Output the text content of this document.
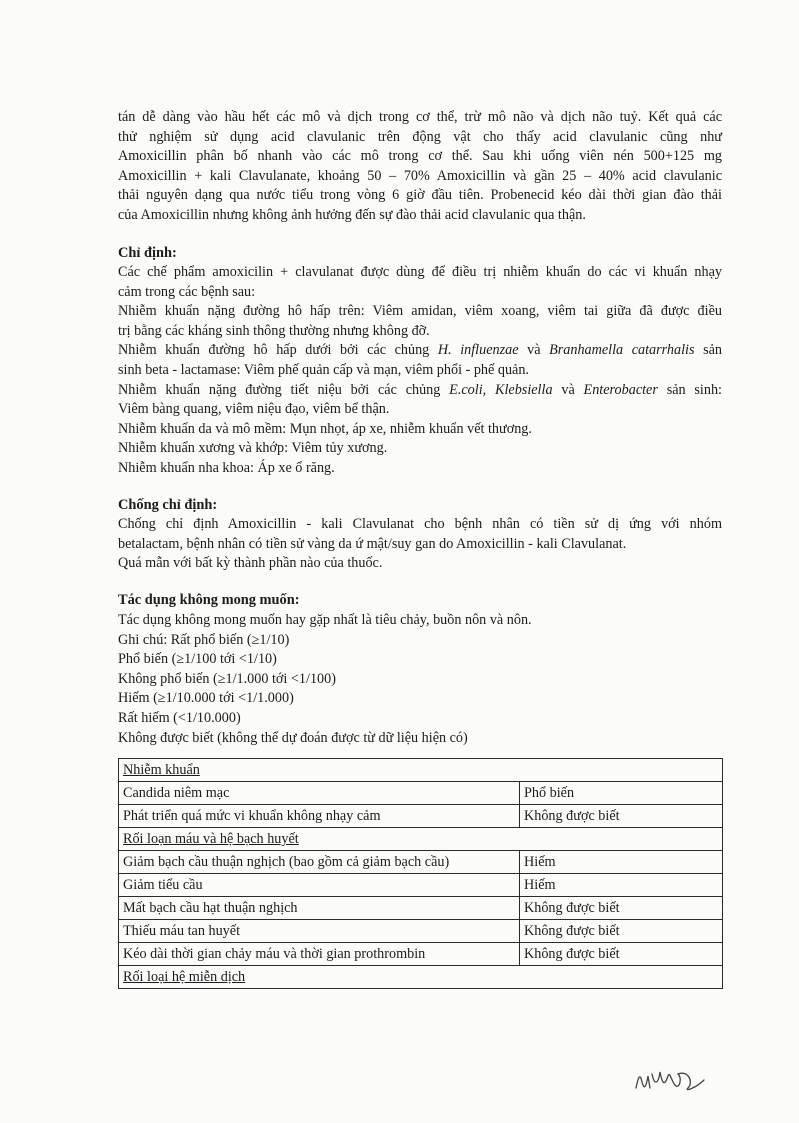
tán dễ dàng vào hầu hết các mô và dịch trong cơ thể, trừ mô não và dịch não tuỷ. Kết quả các
thử nghiệm sử dụng acid clavulanic trên động vật cho thấy acid clavulanic cũng như
Amoxicillin phân bố nhanh vào các mô trong cơ thể. Sau khi uống viên nén 500+125 mg
Amoxicillin + kali Clavulanate, khoảng 50 – 70% Amoxicillin và gần 25 – 40% acid clavulanic
thải nguyên dạng qua nước tiểu trong vòng 6 giờ đầu tiên. Probenecid kéo dài thời gian đào thải
của Amoxicillin nhưng không ảnh hưởng đến sự đào thải acid clavulanic qua thận.
Chỉ định:
Các chế phẩm amoxicilin + clavulanat được dùng để điều trị nhiễm khuẩn do các vi khuẩn nhạy
cảm trong các bệnh sau:
Nhiễm khuẩn nặng đường hô hấp trên: Viêm amidan, viêm xoang, viêm tai giữa đã được điều
trị bằng các kháng sinh thông thường nhưng không đỡ.
Nhiễm khuẩn đường hô hấp dưới bởi các chủng H. influenzae và Branhamella catarrhalis sản
sinh beta - lactamase: Viêm phế quản cấp và mạn, viêm phổi - phế quản.
Nhiễm khuẩn nặng đường tiết niệu bởi các chủng E.coli, Klebsiella và Enterobacter sản sinh:
Viêm bàng quang, viêm niệu đạo, viêm bể thận.
Nhiễm khuẩn da và mô mềm: Mụn nhọt, áp xe, nhiễm khuẩn vết thương.
Nhiễm khuẩn xương và khớp: Viêm tủy xương.
Nhiễm khuẩn nha khoa: Áp xe ổ răng.
Chống chỉ định:
Chống chỉ định Amoxicillin - kali Clavulanat cho bệnh nhân có tiền sử dị ứng với nhóm
betalactam, bệnh nhân có tiền sử vàng da ứ mật/suy gan do Amoxicillin - kali Clavulanat.
Quá mẫn với bất kỳ thành phần nào của thuốc.
Tác dụng không mong muốn:
Tác dụng không mong muốn hay gặp nhất là tiêu chảy, buồn nôn và nôn.
Ghi chú: Rất phổ biến (≥1/10)
Phổ biến (≥1/100 tới <1/10)
Không phổ biến (≥1/1.000 tới <1/100)
Hiếm (≥1/10.000 tới <1/1.000)
Rất hiếm (<1/10.000)
Không được biết (không thể dự đoán được từ dữ liệu hiện có)
Nhiễm khuẩn	
Candida niêm mạc	Phổ biến
Phát triển quá mức vi khuẩn không nhạy cảm	Không được biết
Rối loạn máu và hệ bạch huyết	
Giảm bạch cầu thuận nghịch (bao gồm cả giảm bạch cầu)	Hiếm
Giảm tiểu cầu	Hiếm
Mất bạch cầu hạt thuận nghịch	Không được biết
Thiếu máu tan huyết	Không được biết
Kéo dài thời gian chảy máu và thời gian prothrombin	Không được biết
Rối loại hệ miễn dịch	
